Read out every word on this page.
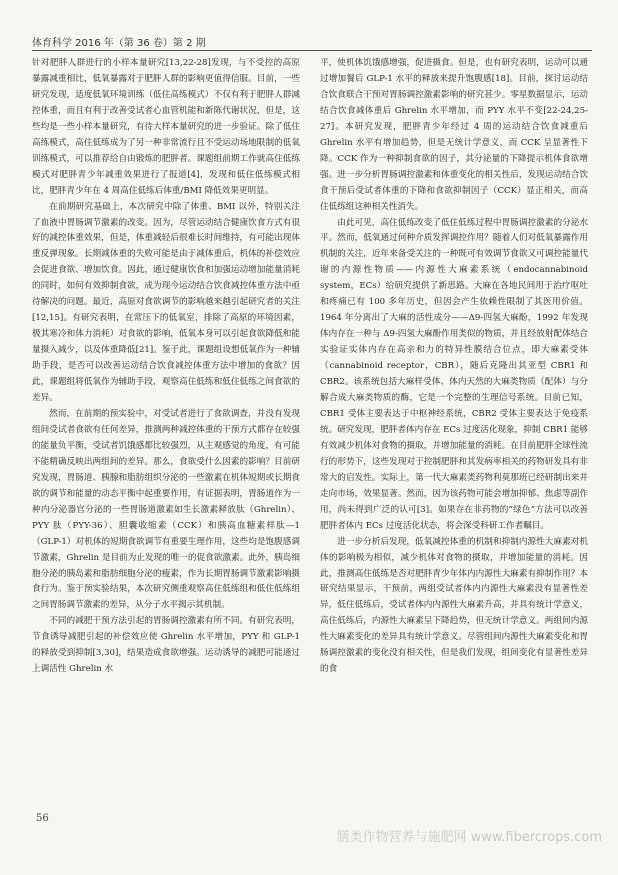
体育科学 2016 年（第 36 卷）第 2 期

针对肥胖人群进行的小样本量研究[13,22-28]发现，与不受控的高原暴露减重相比，低氧暴露对于肥胖人群的影响更值得信服。目前，一些研究发现，适度低氧环境训练（低住高练模式）不仅有利于肥胖人群减控体重，而且有利于改善受试者心血管机能和新陈代谢状况，但是，这些均是一些小样本量研究，有待大样本量研究的进一步验证。除了低住高练模式，高住低练成为了另一种非常流行且不受运动场地限制的低氧训练模式，可以推荐给自由锻炼的肥胖者。课题组前期工作就高住低练模式对肥胖青少年减重效果进行了报道[4]，发现和低住低练模式相比，肥胖青少年在 4 周高住低练后体重/BMI 降低效果更明显。

在前期研究基础上，本次研究中除了体重、BMI 以外，特别关注了血液中胃肠调节激素的改变。因为，尽管运动结合健康饮食方式有很好的减控体重效果，但是，体重减轻后很难长时间维持，有可能出现体重反弹现象。长期减体重的失败可能是由于减体重后，机体的补偿效应会促进食欲、增加饮食。因此，通过健康饮食和加强运动增加能量消耗的同时，如何有效抑制食欲，成为现今运动结合饮食减控体重方法中亟待解决的问题。最近，高原对食欲调节的影响越来越引起研究者的关注[12,15]。有研究表明，在常压下的低氧室，排除了高原的环境因素，极其寒冷和体力消耗）对食欲的影响，低氧本身可以引起食欲降低和能量摄入减少，以及体重降低[21]。鉴于此，课题组设想低氧作为一种辅助手段，是否可以改善运动结合饮食减控体重方法中增加的食欲？因此，课题组将低氧作为辅助手段，观察高住低练和低住低练之间食欲的差异。

然而，在前期的预实验中，对受试者进行了食欲调查，并没有发现组间受试者食欲有任何差异，推测两种减控体重的干预方式都存在较强的能量负平衡，受试者饥饿感都比较强烈，从主观感觉的角度，有可能不能精确反映出两组间的差异。那么，食欲受什么因素的影响？目前研究发现，胃肠道、胰腺和脂肪组织分泌的一些激素在机体短期或长期食欲的调节和能量的动态平衡中起重要作用，有证据表明，胃肠道作为一种内分泌器官分泌的一些胃肠道激素如生长激素释放肽（Ghrelin）、PYY 肽（PYY-36）、胆囊收缩素（CCK）和胰高血糖素样肽—1（GLP-1）对机体的短期食欲调节有重要生理作用，这些均是饱腹感调节激素，Ghrelin 是目前为止发现的唯一的促食欲激素。此外，胰岛细胞分泌的胰岛素和脂肪细胞分泌的瘦素，作为长期胃肠调节激素影响摄食行为。鉴于预实验结果，本次研究侧重观察高住低练组和低住低练组之间胃肠调节激素的差异，从分子水平揭示其机制。

不同的减肥干预方法引起的胃肠调控激素有所不同。有研究表明，节食诱导减肥引起的补偿效应使 Ghrelin 水平增加，PYY 和 GLP-1 的释放受到抑制[3,30]，结果造成食欲增强。运动诱导的减肥可能通过上调活性 Ghrelin 水

平，使机体饥饿感增强，促进摄食。但是，也有研究表明，运动可以通过增加餐后 GLP-1 水平的释放来提升饱腹感[18]。目前，探讨运动结合饮食联合干预对胃肠调控激素影响的研究甚少。零星数据显示，运动结合饮食减体重后 Ghrelin 水平增加，而 PYY 水平不变[22-24,25-27]。本研究发现，肥胖青少年经过 4 周的运动结合饮食减重后 Ghrelin 水平有增加趋势，但是无统计学意义，而 CCK 呈显著性下降。CCK 作为一种抑制食欲的因子，其分泌量的下降提示机体食欲增强。进一步分析胃肠调控激素和体重变化的相关性后，发现运动结合饮食干预后受试者体重的下降和食欲抑制因子（CCK）显正相关，而高住低练组这种相关性消失。

由此可见，高住低练改变了低住低练过程中胃肠调控激素的分泌水平。然而，低氧通过何种介质发挥调控作用？随着人们对低氧暴露作用机制的关注，近年来备受关注的一种既可有效调节食欲又可调控能量代谢的内源性物质——内源性大麻素系统（endocannabinoid system，ECs）给研究提供了新思路。大麻在各地民间用于治疗呕吐和疼痛已有 100 多年历史，但因会产生依赖性限制了其医用价值。1964 年分离出了大麻的活性成分——Δ9-四氢大麻酚，1992 年发现体内存在一种与 Δ9-四氢大麻酚作用类似的物质，并且经放射配体结合实验证实体内存在高亲和力的特异性膜结合位点，即大麻素受体（cannabinoid receptor，CBR），随后克隆出其亚型 CBR1 和 CBR2。该系统包括大麻样受体、体内天然的大麻类物质（配体）与分解合成大麻类物质的酶，它是一个完整的生理信号系统。目前已知，CBR1 受体主要表达于中枢神经系统，CBR2 受体主要表达于免疫系统。研究发现，肥胖者体内存在 ECs 过度活化现象，抑制 CBR1 能够有效减少机体对食物的摄取，并增加能量的消耗。在目前肥胖全球性流行的形势下，这些发现对于控制肥胖和其发病率相关的药物研发具有非常大的启发性。实际上，第一代大麻素类药物利莫那班已经研制出来并走向市场，效果显著。然而，因为该药物可能会增加抑郁、焦虑等副作用，尚未得到广泛的认可[3]。如果存在非药物的“绿色”方法可以改善肥胖者体内 ECs 过度活化状态，将会深受科研工作者瞩目。

进一步分析后发现，低氧减控体重的机制和抑制内源性大麻素对机体的影响极为相似，减少机体对食物的摄取，并增加能量的消耗。因此，推测高住低练是否对肥胖青少年体内内源性大麻素有抑制作用？本研究结果显示，干预前，两组受试者体内内源性大麻素没有显著性差异，低住低练后，受试者体内内源性大麻素升高，并具有统计学意义，高住低练后，内源性大麻素呈下降趋势，但无统计学意义。两组间内源性大麻素变化的差异具有统计学意义。尽管组间内源性大麻素变化和胃肠调控激素的变化没有相关性，但是我们发现，组间变化有显著性差异的食

56
膳类作物营养与施肥网 www.fibercrops.com
